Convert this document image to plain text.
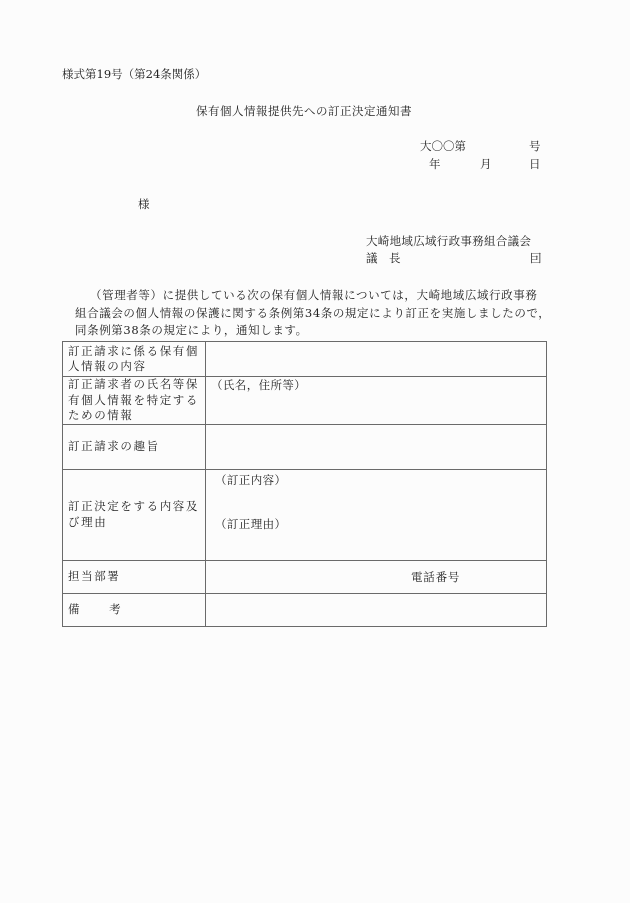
様式第19号（第24条関係）
保有個人情報提供先への訂正決定通知書
大〇〇第	号
年	月	日
様
大崎地域広域行政事務組合議会
議　長	囙
（管理者等）に提供している次の保有個人情報については，大崎地域広域行政事務
組合議会の個人情報の保護に関する条例第34条の規定により訂正を実施しましたので，
同条例第38条の規定により，通知します。
訂正請求に係る保有個人情報の内容	
訂正請求者の氏名等保有個人情報を特定するための情報	（氏名，住所等）
訂正請求の趣旨	
訂正決定をする内容及び理由	（訂正内容）
（訂正理由）

担当部署	電話番号

備 考	
